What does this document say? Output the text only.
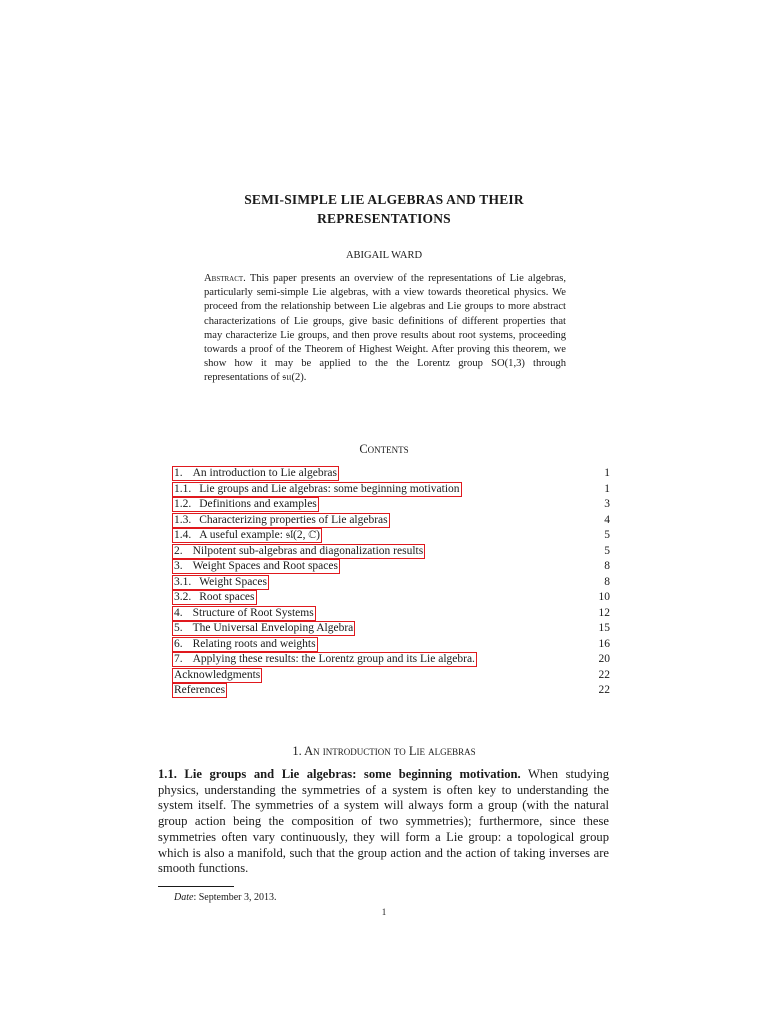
SEMI-SIMPLE LIE ALGEBRAS AND THEIR
REPRESENTATIONS
ABIGAIL WARD
Abstract. This paper presents an overview of the representations of Lie algebras, particularly semi-simple Lie algebras, with a view towards theoretical physics. We proceed from the relationship between Lie algebras and Lie groups to more abstract characterizations of Lie groups, give basic definitions of different properties that may characterize Lie groups, and then prove results about root systems, proceeding towards a proof of the Theorem of Highest Weight. After proving this theorem, we show how it may be applied to the the Lorentz group SO(1,3) through representations of 𝔰𝔲(2).
Contents
1. An introduction to Lie algebras	1
1.1. Lie groups and Lie algebras: some beginning motivation	1
1.2. Definitions and examples	3
1.3. Characterizing properties of Lie algebras	4
1.4. A useful example: 𝔰𝔩(2, ℂ)	5
2. Nilpotent sub-algebras and diagonalization results	5
3. Weight Spaces and Root spaces	8
3.1. Weight Spaces	8
3.2. Root spaces	10
4. Structure of Root Systems	12
5. The Universal Enveloping Algebra	15
6. Relating roots and weights	16
7. Applying these results: the Lorentz group and its Lie algebra.	20
Acknowledgments	22
References	22
1. An introduction to Lie algebras
1.1. Lie groups and Lie algebras: some beginning motivation. When studying physics, understanding the symmetries of a system is often key to understanding the system itself. The symmetries of a system will always form a group (with the natural group action being the composition of two symmetries); furthermore, since these symmetries often vary continuously, they will form a Lie group: a topological group which is also a manifold, such that the group action and the action of taking inverses are smooth functions.
Date: September 3, 2013.
1
